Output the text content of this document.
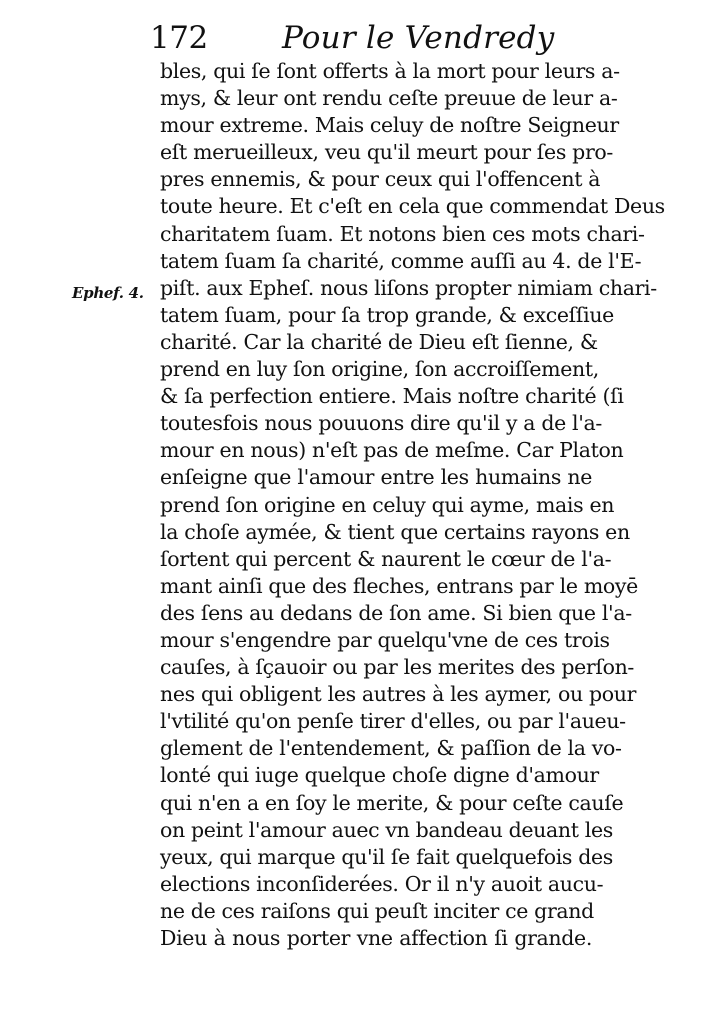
172 Pour le Vendredy
Ephef. 4.
bles, qui ſe ſont offerts à la mort pour leurs a-
mys, & leur ont rendu ceſte preuue de leur a-
mour extreme. Mais celuy de noſtre Seigneur
eſt merueilleux, veu qu'il meurt pour ſes pro-
pres ennemis, & pour ceux qui l'offencent à
toute heure. Et c'eſt en cela que commendat Deus
charitatem ſuam. Et notons bien ces mots chari-
tatem ſuam ſa charité, comme auſſi au 4. de l'E-
piſt. aux Epheſ. nous liſons propter nimiam chari-
tatem ſuam, pour ſa trop grande, & exceſſiue
charité. Car la charité de Dieu eſt ſienne, &
prend en luy ſon origine, ſon accroiſſement,
& ſa perfection entiere. Mais noſtre charité (ſi
toutesfois nous pouuons dire qu'il y a de l'a-
mour en nous) n'eſt pas de meſme. Car Platon
enſeigne que l'amour entre les humains ne
prend ſon origine en celuy qui ayme, mais en
la choſe aymée, & tient que certains rayons en
ſortent qui percent & naurent le cœur de l'a-
mant ainſi que des fleches, entrans par le moyē
des ſens au dedans de ſon ame. Si bien que l'a-
mour s'engendre par quelqu'vne de ces trois
cauſes, à ſçauoir ou par les merites des perſon-
nes qui obligent les autres à les aymer, ou pour
l'vtilité qu'on penſe tirer d'elles, ou par l'aueu-
glement de l'entendement, & paſſion de la vo-
lonté qui iuge quelque choſe digne d'amour
qui n'en a en ſoy le merite, & pour ceſte cauſe
on peint l'amour auec vn bandeau deuant les
yeux, qui marque qu'il ſe fait quelquefois des
elections inconſiderées. Or il n'y auoit aucu-
ne de ces raiſons qui peuſt inciter ce grand
Dieu à nous porter vne affection ſi grande.
